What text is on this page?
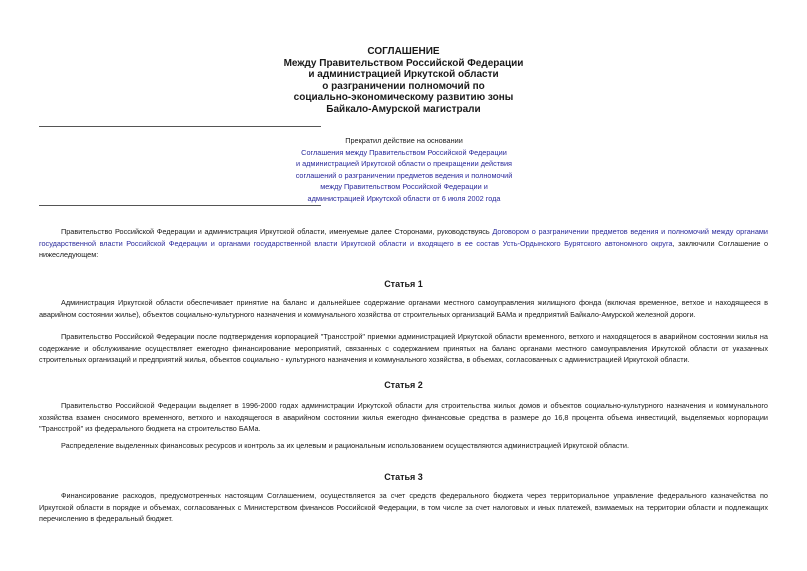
СОГЛАШЕНИЕ
Между Правительством Российской Федерации
и администрацией Иркутской области
о разграничении полномочий по
социально-экономическому развитию зоны
Байкало-Амурской магистрали
Прекратил действие на основании
Соглашения между Правительством Российской Федерации
и администрацией Иркутской области о прекращении действия
соглашений о разграничении предметов ведения и полномочий
между Правительством Российской Федерации и
администрацией Иркутской области от 6 июля 2002 года

Правительство Российской Федерации и администрация Иркутской области, именуемые далее Сторонами, руководствуясь Договором о разграничении предметов ведения и полномочий между органами государственной власти Российской Федерации и органами государственной власти Иркутской области и входящего в ее состав Усть-Ордынского Бурятского автономного округа, заключили Соглашение о нижеследующем:

Статья 1

Администрация Иркутской области обеспечивает принятие на баланс и дальнейшее содержание органами местного самоуправления жилищного фонда (включая временное, ветхое и находящееся в аварийном состоянии жилье), объектов социально-культурного назначения и коммунального хозяйства от строительных организаций БАМа и предприятий Байкало-Амурской железной дороги.

Правительство Российской Федерации после подтверждения корпорацией "Трансстрой" приемки администрацией Иркутской области временного, ветхого и находящегося в аварийном состоянии жилья на содержание и обслуживание осуществляет ежегодно финансирование мероприятий, связанных с содержанием принятых на баланс органами местного самоуправления Иркутской области от указанных строительных организаций и предприятий жилья, объектов социально - культурного назначения и коммунального хозяйства, в объемах, согласованных с администрацией Иркутской области.

Статья 2

Правительство Российской Федерации выделяет в 1996-2000 годах администрации Иркутской области для строительства жилых домов и объектов социально-культурного назначения и коммунального хозяйства взамен сносимого временного, ветхого и находящегося в аварийном состоянии жилья ежегодно финансовые средства в размере до 16,8 процента объема инвестиций, выделяемых корпорации "Трансстрой" из федерального бюджета на строительство БАМа.

Распределение выделенных финансовых ресурсов и контроль за их целевым и рациональным использованием осуществляются администрацией Иркутской области.

Статья 3

Финансирование расходов, предусмотренных настоящим Соглашением, осуществляется за счет средств федерального бюджета через территориальное управление федерального казначейства по Иркутской области в порядке и объемах, согласованных с Министерством финансов Российской Федерации, в том числе за счет налоговых и иных платежей, взимаемых на территории области и подлежащих перечислению в федеральный бюджет.
